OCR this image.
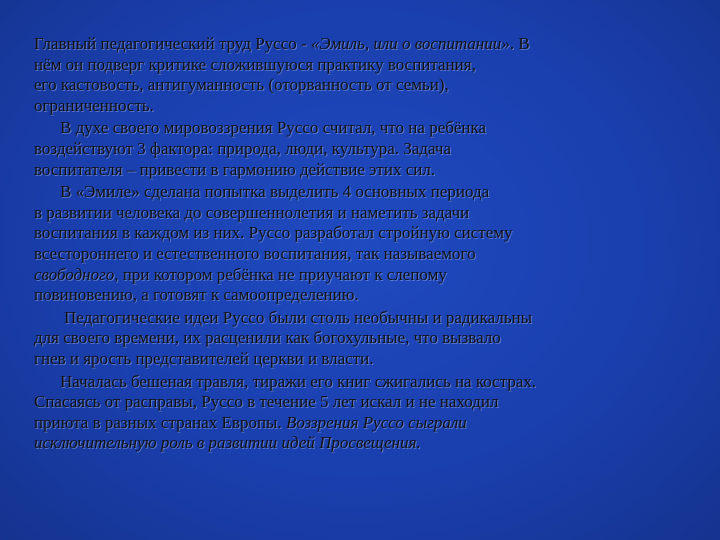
Главный педагогический труд Руссо - «Эмиль, или о воспитании». В
нём он подверг критике сложившуюся практику воспитания,
его кастовость, антигуманность (оторванность от семьи),
ограниченность.
В духе своего мировоззрения Руссо считал, что на ребёнка
воздействуют 3 фактора: природа, люди, культура. Задача
воспитателя – привести в гармонию действие этих сил.
В «Эмиле» сделана попытка выделить 4 основных периода
в развитии человека до совершеннолетия и наметить задачи
воспитания в каждом из них. Руссо разработал стройную систему
всестороннего и естественного воспитания, так называемого
свободного, при котором ребёнка не приучают к слепому
повиновению, а готовят к самоопределению.
Педагогические идеи Руссо были столь необычны и радикальны
для своего времени, их расценили как богохульные, что вызвало
гнев и ярость представителей церкви и власти.
Началась бешеная травля, тиражи его книг сжигались на кострах.
Спасаясь от расправы, Руссо в течение 5 лет искал и не находил
приюта в разных странах Европы. Воззрения Руссо сыграли
исключительную роль в развитии идей Просвещения.
